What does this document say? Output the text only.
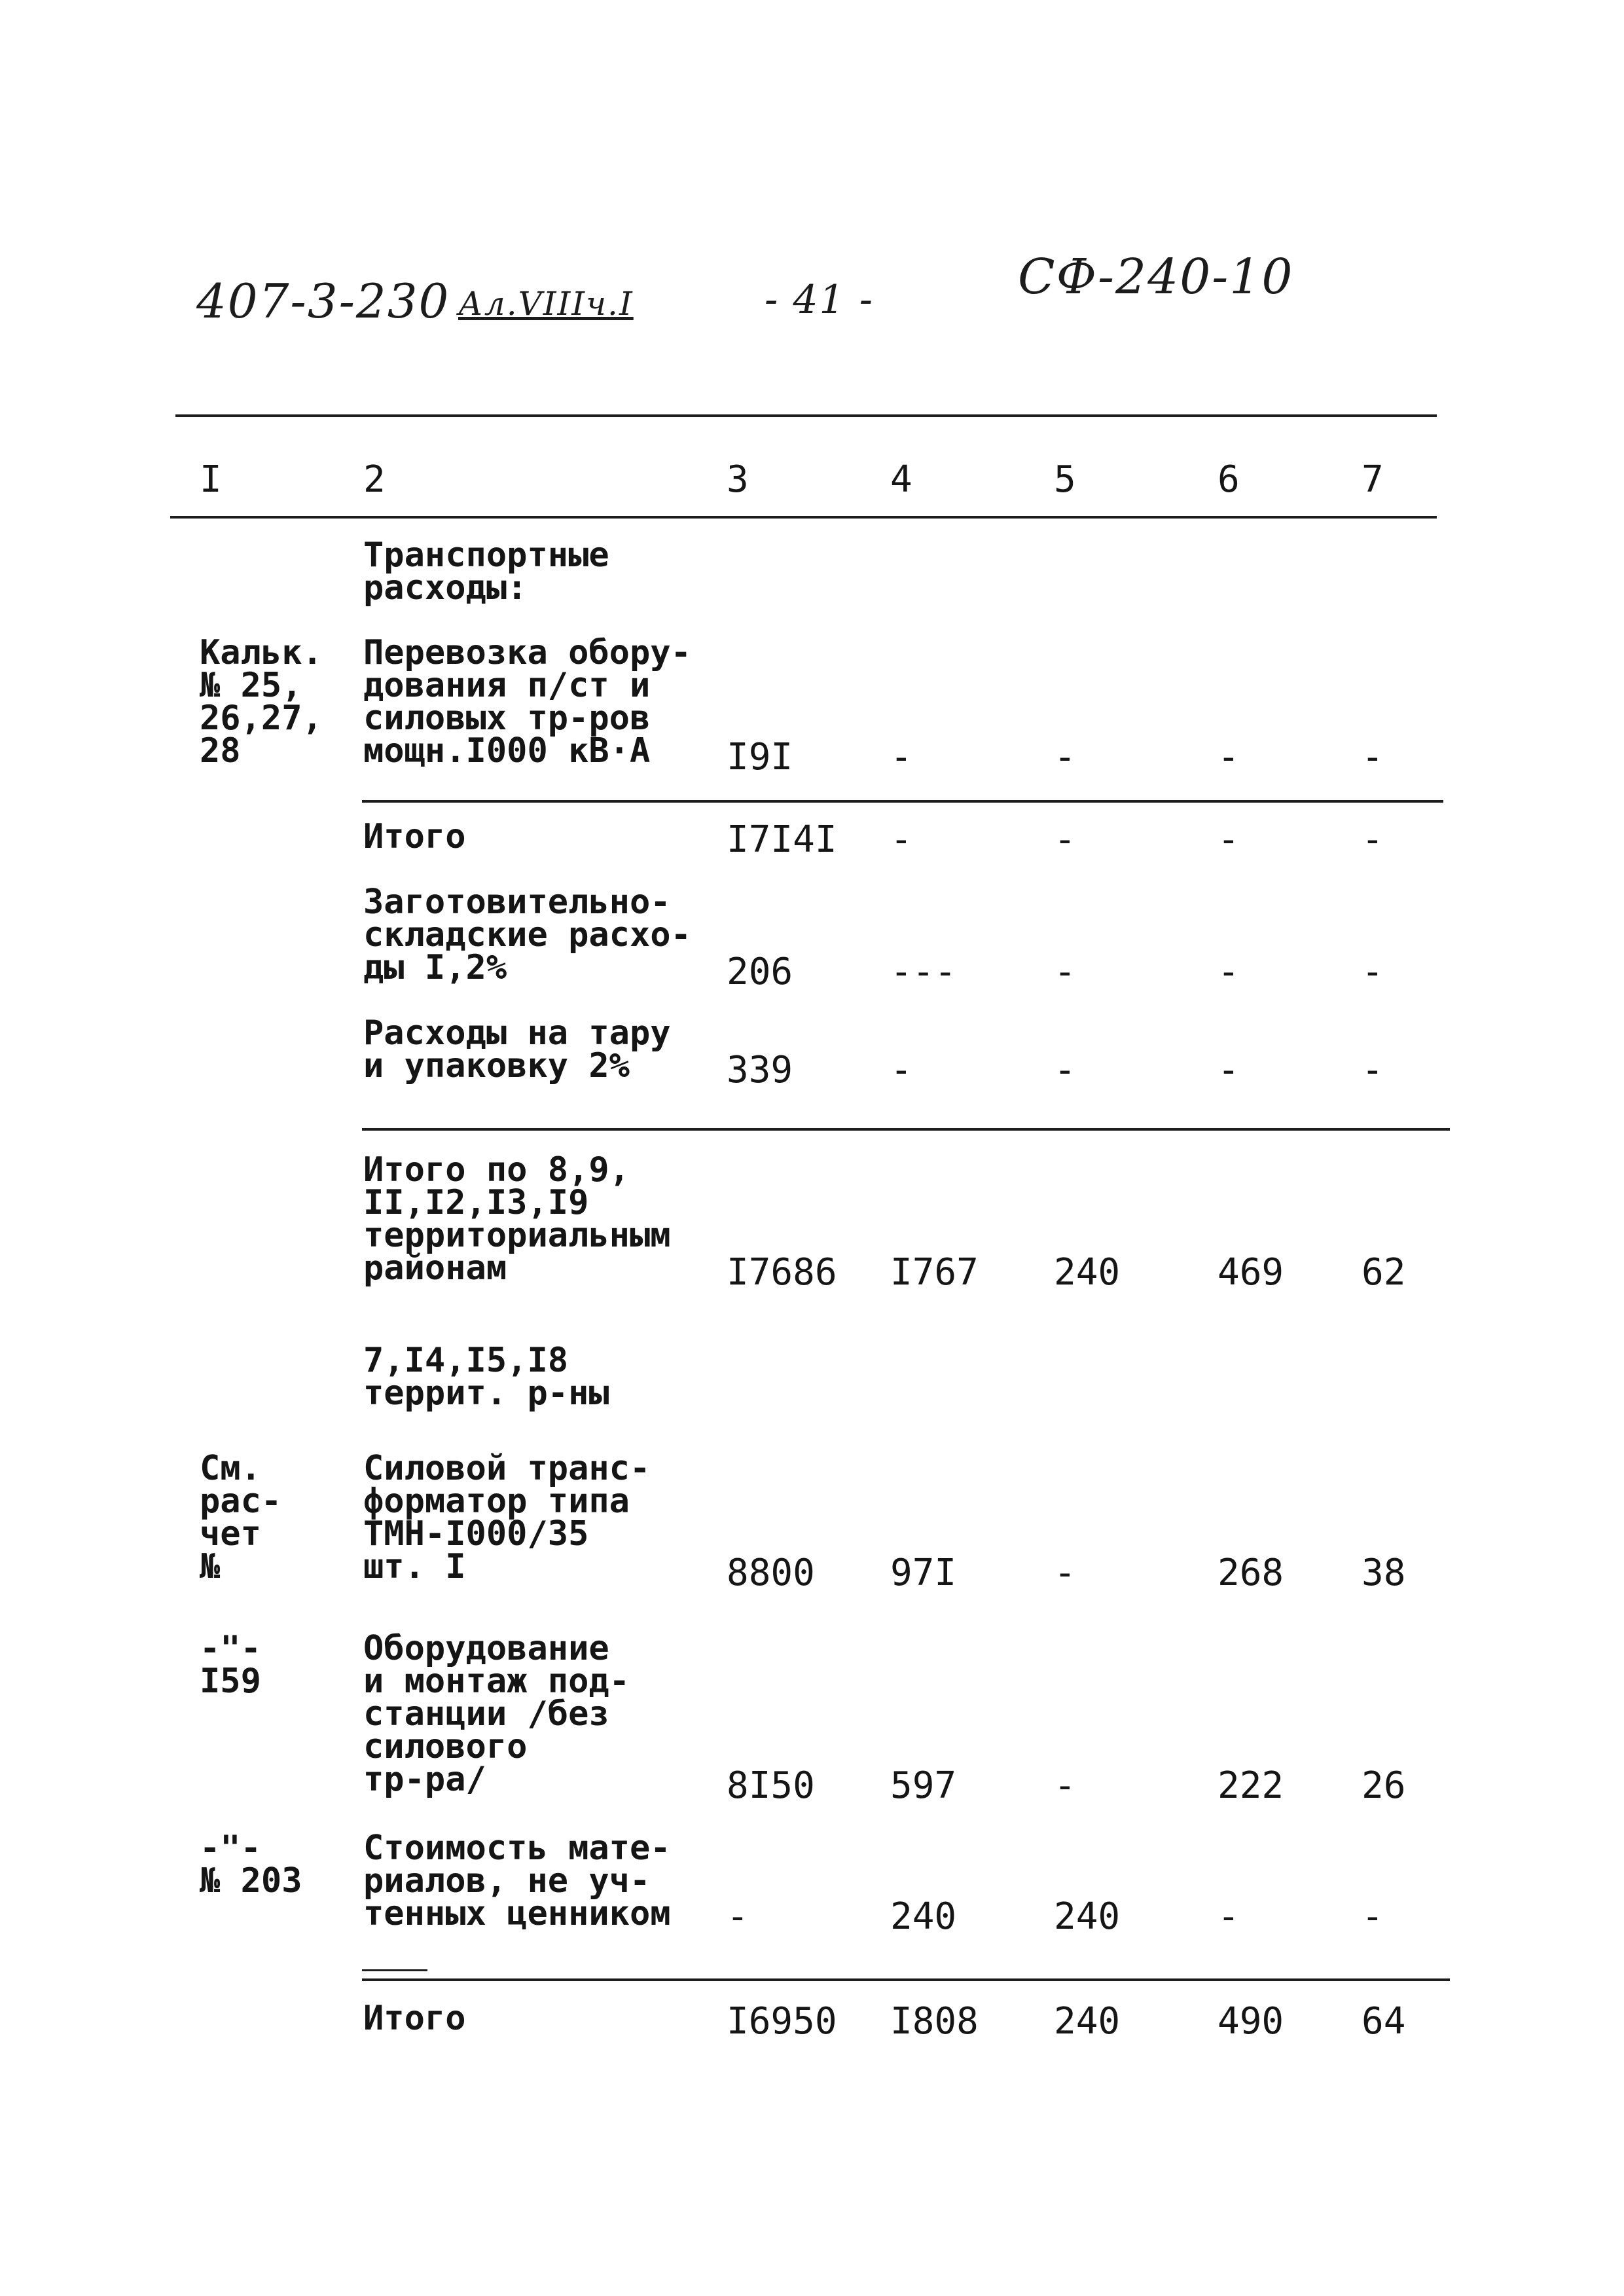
407-3-230 Ал.VIIIч.I	- 41 -	СФ-240-10
I	2	3	4	5	6	7
Транспортные
расходы:
Кальк.
№ 25,
26,27,
28
Перевозка обору-
дования п/ст и
силовых тр-ров
мощн.I000 кВ·А	I9I	-	-	-	-
Итого	I7I4I -	-	-	-
Заготовительно-
складские расхо-
ды I,2%	206	---	-	-	-
Расходы на тару
и упаковку 2%	339	-	-	-	-
Итого по 8,9,
II,I2,I3,I9
территориальным
районам	I7686 I767 240	469 62
7,I4,I5,I8
террит. р-ны
См.
рас-
чет
№
Силовой транс-
форматор типа
ТМН-I000/35
шт. I	8800 97I	-	268 38
-"-
I59
Оборудование
и монтаж под-
станции /без
силового
тр-ра/	8I50 597	-	222 26
-"-
№ 203
Стоимость мате-
риалов, не уч-
тенных ценником -	240	240	-	-
Итого	I6950 I808 240	490 64
